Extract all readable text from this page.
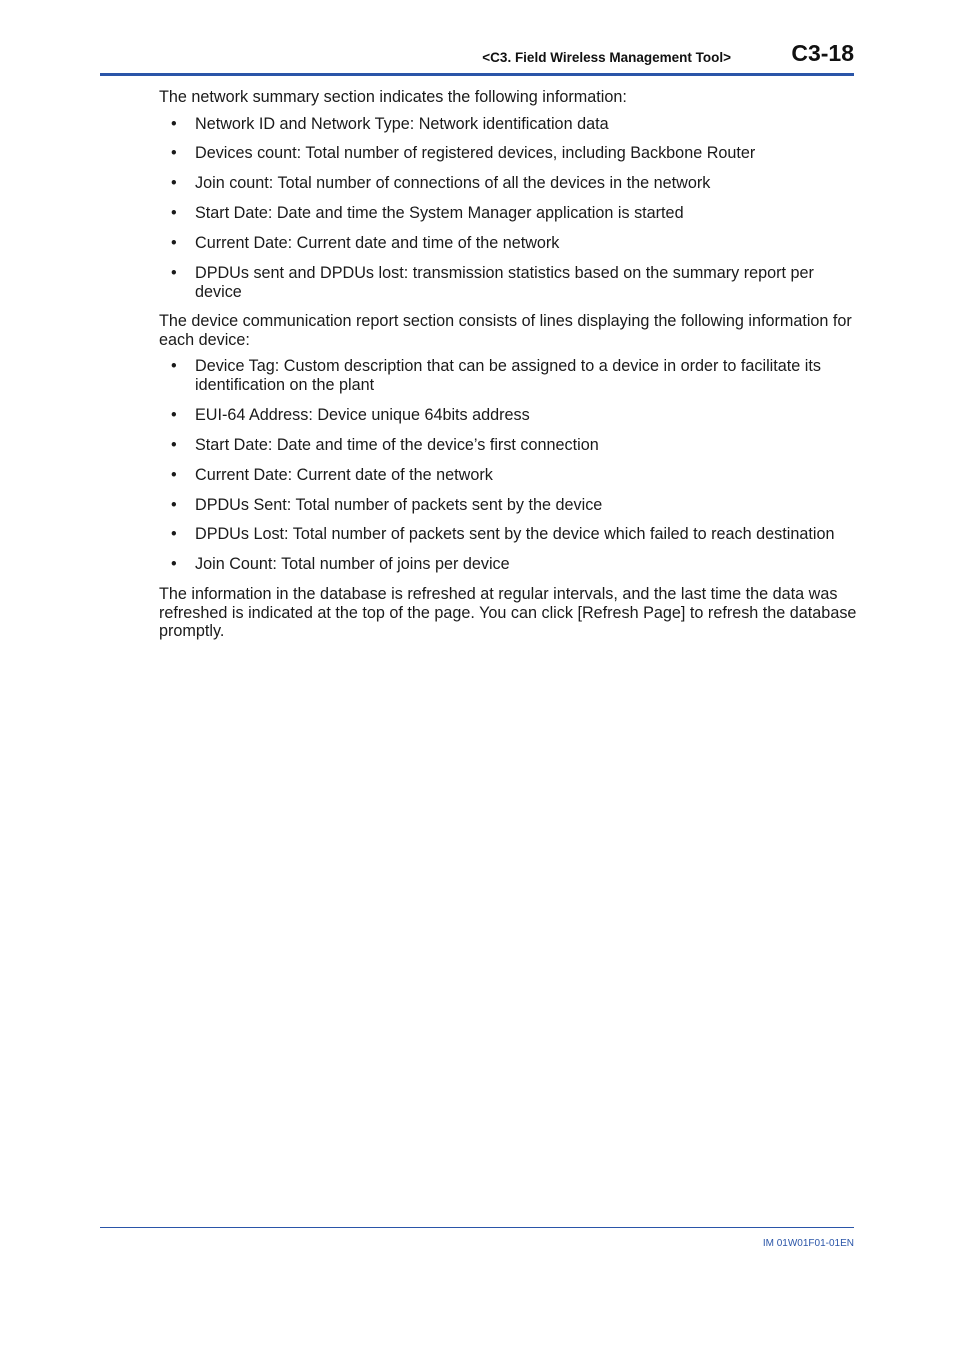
<C3. Field Wireless Management Tool>	C3-18

The network summary section indicates the following information:

• Network ID and Network Type: Network identification data
• Devices count: Total number of registered devices, including Backbone Router
• Join count: Total number of connections of all the devices in the network
• Start Date: Date and time the System Manager application is started
• Current Date: Current date and time of the network
• DPDUs sent and DPDUs lost: transmission statistics based on the summary report per device

The device communication report section consists of lines displaying the following information for each device:

• Device Tag: Custom description that can be assigned to a device in order to facilitate its identification on the plant
• EUI-64 Address: Device unique 64bits address
• Start Date: Date and time of the device’s first connection
• Current Date: Current date of the network
• DPDUs Sent: Total number of packets sent by the device
• DPDUs Lost: Total number of packets sent by the device which failed to reach destination
• Join Count: Total number of joins per device

The information in the database is refreshed at regular intervals, and the last time the data was refreshed is indicated at the top of the page. You can click [Refresh Page] to refresh the database promptly.

IM 01W01F01-01EN
